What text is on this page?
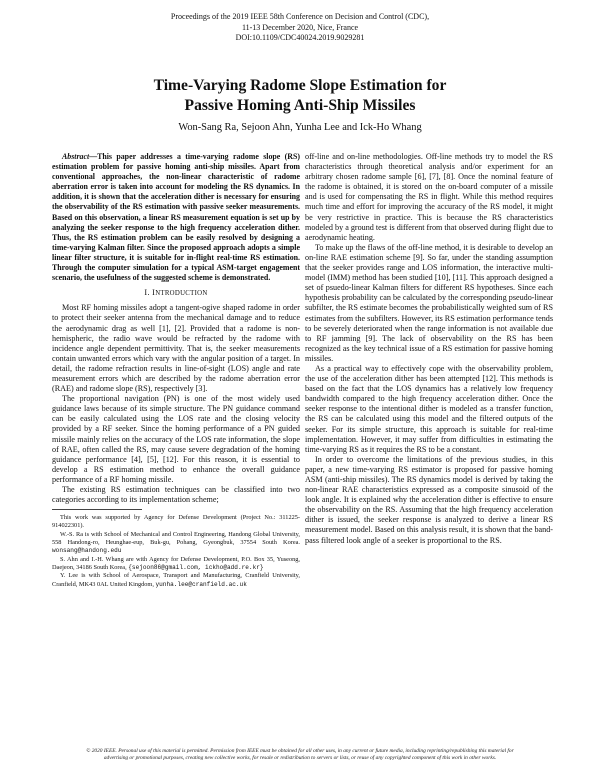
Proceedings of the 2019 IEEE 58th Conference on Decision and Control (CDC),
11-13 December 2020, Nice, France
DOI:10.1109/CDC40024.2019.9029281
Time-Varying Radome Slope Estimation for
Passive Homing Anti-Ship Missiles
Won-Sang Ra, Sejoon Ahn, Yunha Lee and Ick-Ho Whang

Abstract—This paper addresses a time-varying radome slope (RS) estimation problem for passive homing anti-ship missiles. Apart from conventional approaches, the non-linear characteristic of radome aberration error is taken into account for modeling the RS dynamics. In addition, it is shown that the acceleration dither is necessary for ensuring the observability of the RS estimation with passive seeker measurements. Based on this observation, a linear RS measurement equation is set up by analyzing the seeker response to the high frequency acceleration dither. Thus, the RS estimation problem can be easily resolved by designing a time-varying Kalman filter. Since the proposed approach adopts a simple linear filter structure, it is suitable for in-flight real-time RS estimation. Through the computer simulation for a typical ASM-target engagement scenario, the usefulness of the suggested scheme is demonstrated.

I. INTRODUCTION

Most RF homing missiles adopt a tangent-ogive shaped radome in order to protect their seeker antenna from the mechanical damage and to reduce the aerodynamic drag as well [1], [2]. Provided that a radome is non-hemispheric, the radio wave would be refracted by the radome with incidence angle dependent permittivity. That is, the seeker measurements contain unwanted errors which vary with the angular position of a target. In detail, the radome refraction results in line-of-sight (LOS) angle and rate measurement errors which are described by the radome aberration error (RAE) and radome slope (RS), respectively [3].

The proportional navigation (PN) is one of the most widely used guidance laws because of its simple structure. The PN guidance command can be easily calculated using the LOS rate and the closing velocity provided by a RF seeker. Since the homing performance of a PN guided missile mainly relies on the accuracy of the LOS rate information, the slope of RAE, often called the RS, may cause severe degradation of the homing guidance performance [4], [5], [12]. For this reason, it is essential to develop a RS estimation method to enhance the overall guidance performance of a RF homing missile.

The existing RS estimation techniques can be classified into two categories according to its implementation scheme;

This work was supported by Agency for Defense Development (Project No.: 311225-914022301).

W.-S. Ra is with School of Mechanical and Control Engineering, Handong Global University, 558 Handong-ro, Heunghae-eup, Buk-gu, Pohang, Gyeongbuk, 37554 South Korea. wonsang@handong.edu

S. Ahn and I.-H. Whang are with Agency for Defense Development, P.O. Box 35, Yuseong, Daejeon, 34186 South Korea, {sejoon86@gmail.com, ickho@add.re.kr}

Y. Lee is with School of Aerospace, Transport and Manufacturing, Cranfield University, Cranfield, MK43 0AL United Kingdom, yunha.lee@cranfield.ac.uk

off-line and on-line methodologies. Off-line methods try to model the RS characteristics through theoretical analysis and/or experiment for an arbitrary chosen radome sample [6], [7], [8]. Once the nominal feature of the radome is obtained, it is stored on the on-board computer of a missile and is used for compensating the RS in flight. While this method requires much time and effort for improving the accuracy of the RS model, it might be very restrictive in practice. This is because the RS characteristics modeled by a ground test is different from that observed during flight due to aerodynamic heating.

To make up the flaws of the off-line method, it is desirable to develop an on-line RAE estimation scheme [9]. So far, under the standing assumption that the seeker provides range and LOS information, the interactive multi-model (IMM) method has been studied [10], [11]. This approach designed a set of psuedo-linear Kalman filters for different RS hypotheses. Since each hypothesis probability can be calculated by the corresponding pseudo-linear subfilter, the RS estimate becomes the probabilistically weighted sum of RS estimates from the subfilters. However, its RS estimation performance tends to be severely deteriorated when the range information is not available due to RF jamming [9]. The lack of observability on the RS has been recognized as the key technical issue of a RS estimation for passive homing missiles.

As a practical way to effectively cope with the observability problem, the use of the acceleration dither has been attempted [12]. This methods is based on the fact that the LOS dynamics has a relatively low frequency bandwidth compared to the high frequency acceleration dither. Once the seeker response to the intentional dither is modeled as a transfer function, the RS can be calculated using this model and the filtered outputs of the seeker. For its simple structure, this approach is suitable for real-time implementation. However, it may suffer from difficulties in estimating the time-varying RS as it requires the RS to be a constant.

In order to overcome the limitations of the previous studies, in this paper, a new time-varying RS estimator is proposed for passive homing ASM (anti-ship missiles). The RS dynamics model is derived by taking the non-linear RAE characteristics expressed as a composite sinusoid of the look angle. It is explained why the acceleration dither is effective to ensure the observability on the RS. Assuming that the high frequency acceleration dither is issued, the seeker response is analyzed to derive a linear RS measurement model. Based on this analysis result, it is shown that the band-pass filtered look angle of a seeker is proportional to the RS.

© 2020 IEEE. Personal use of this material is permitted. Permission from IEEE must be obtained for all other uses, in any current or future media, including reprinting/republishing this material for
advertising or promotional purposes, creating new collective works, for resale or redistribution to servers or lists, or reuse of any copyrighted component of this work in other works.
